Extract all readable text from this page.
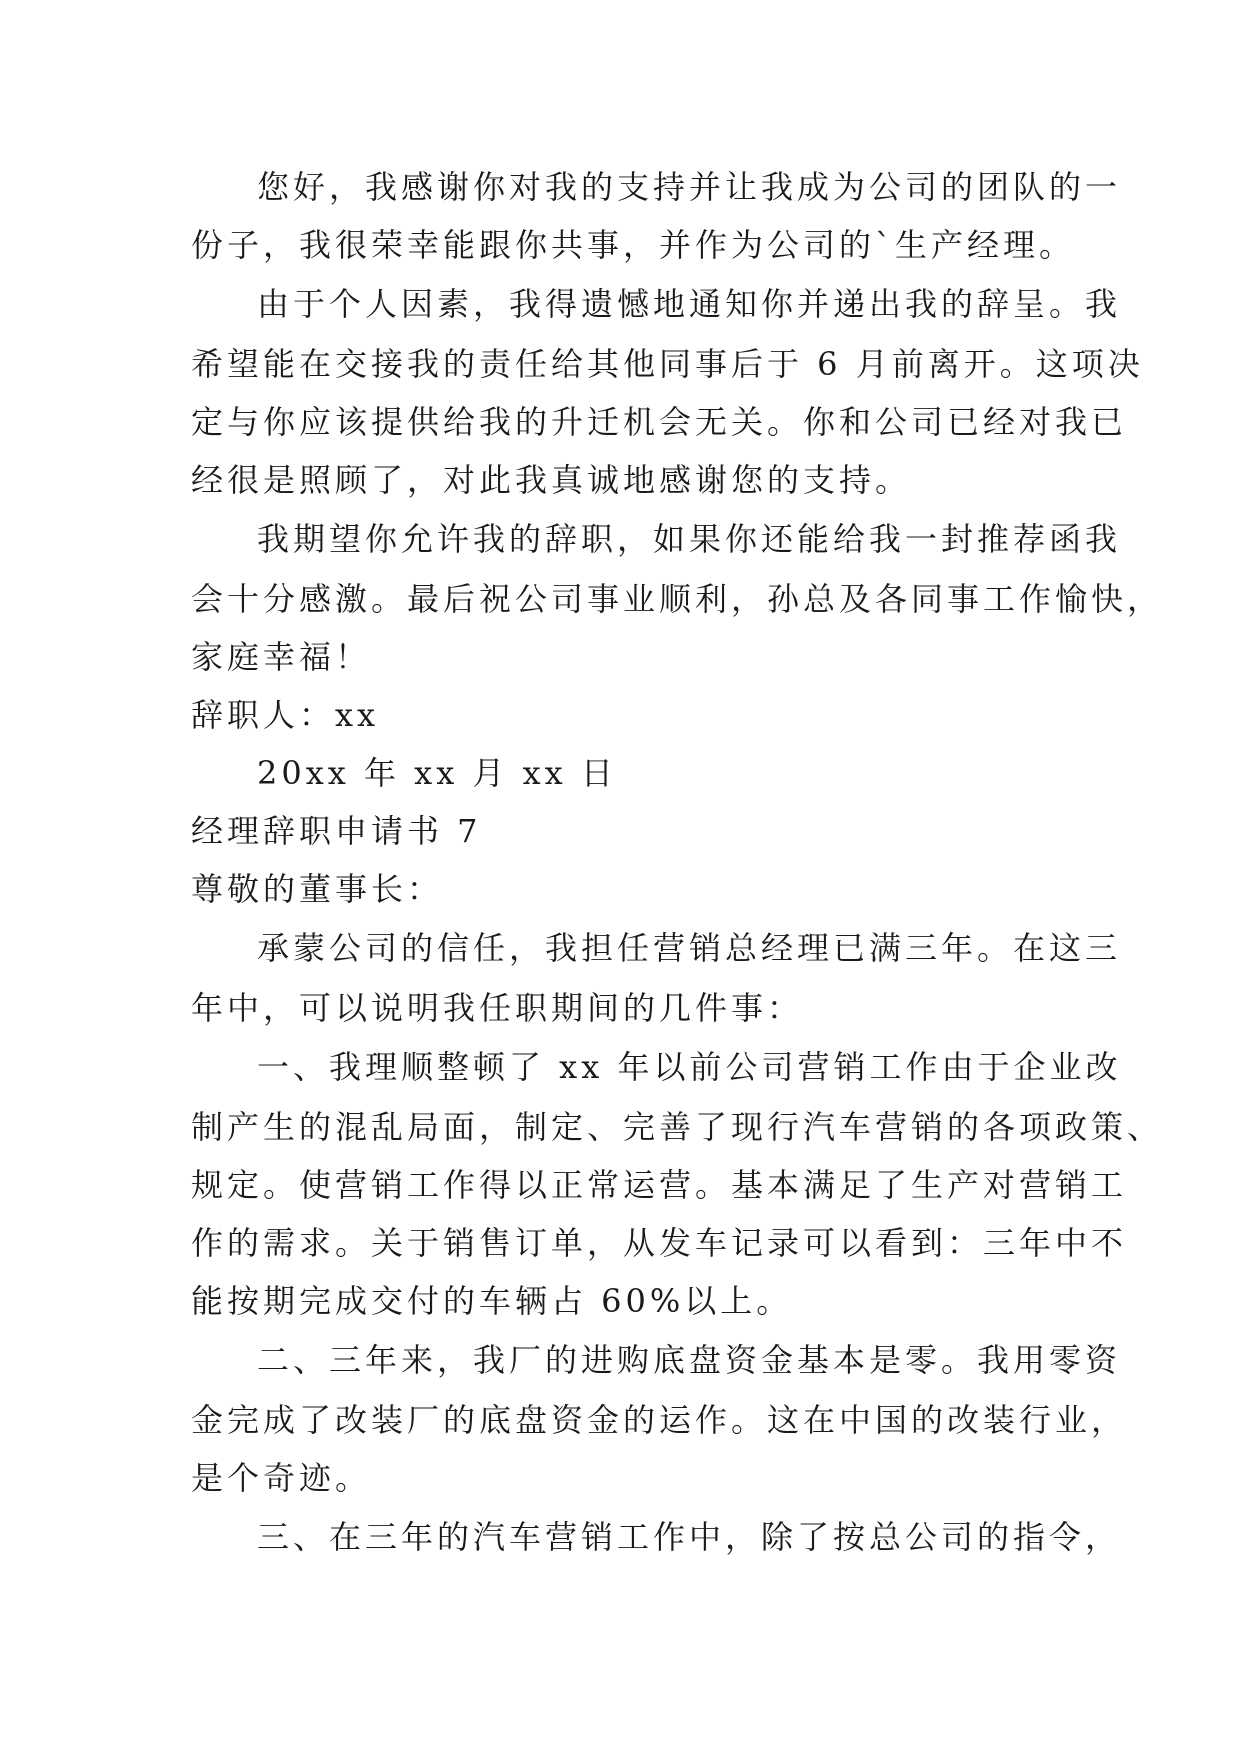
您好，我感谢你对我的支持并让我成为公司的团队的一

份子，我很荣幸能跟你共事，并作为公司的`生产经理。

由于个人因素，我得遗憾地通知你并递出我的辞呈。我

希望能在交接我的责任给其他同事后于 6 月前离开。这项决

定与你应该提供给我的升迁机会无关。你和公司已经对我已

经很是照顾了，对此我真诚地感谢您的支持。

我期望你允许我的辞职，如果你还能给我一封推荐函我

会十分感激。最后祝公司事业顺利，孙总及各同事工作愉快，

家庭幸福！

辞职人：xx

20xx 年 xx 月 xx 日

经理辞职申请书 7

尊敬的董事长：

承蒙公司的信任，我担任营销总经理已满三年。在这三

年中，可以说明我任职期间的几件事：

一、我理顺整顿了 xx 年以前公司营销工作由于企业改

制产生的混乱局面，制定、完善了现行汽车营销的各项政策、

规定。使营销工作得以正常运营。基本满足了生产对营销工

作的需求。关于销售订单，从发车记录可以看到：三年中不

能按期完成交付的车辆占 60%以上。

二、三年来，我厂的进购底盘资金基本是零。我用零资

金完成了改装厂的底盘资金的运作。这在中国的改装行业，

是个奇迹。

三、在三年的汽车营销工作中，除了按总公司的指令，
